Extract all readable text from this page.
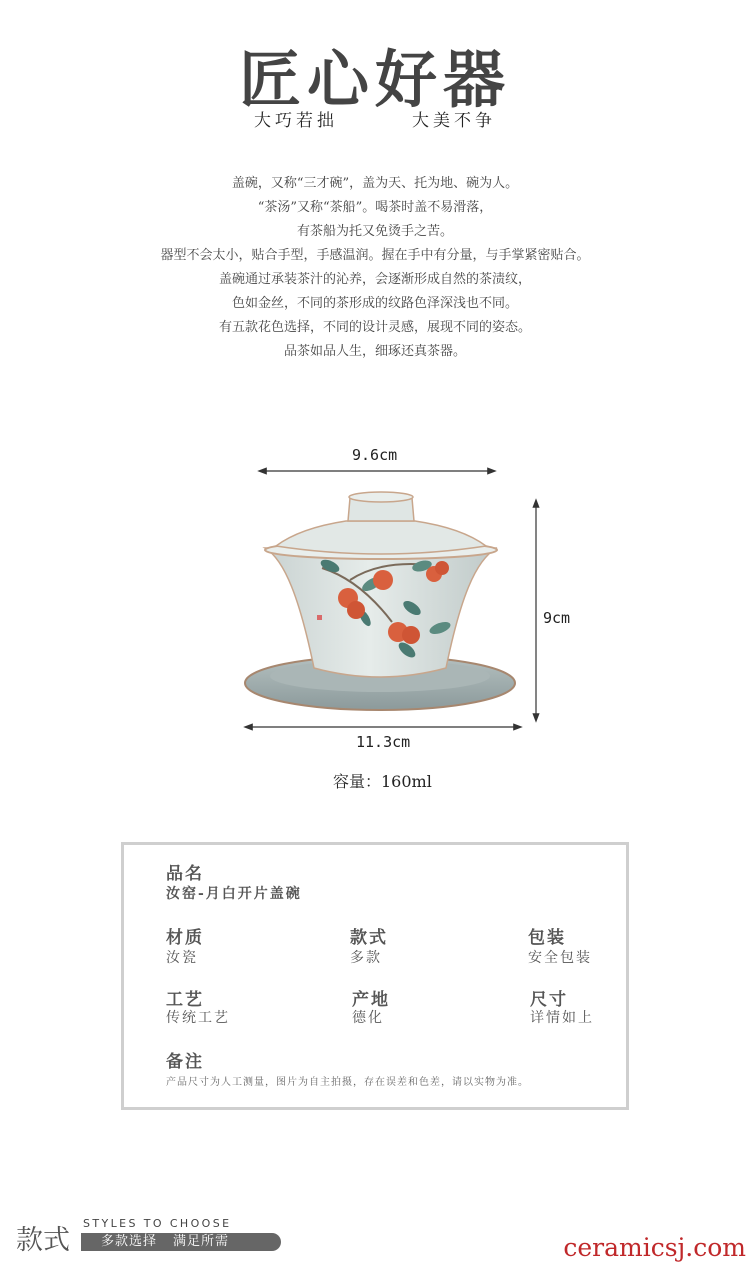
匠心好器
大巧若拙	大美不争
盖碗，又称“三才碗”，盖为天、托为地、碗为人。
“茶汤”又称“茶船”。喝茶时盖不易滑落，
有茶船为托又免烫手之苦。
器型不会太小，贴合手型，手感温润。握在手中有分量，与手掌紧密贴合。
盖碗通过承装茶汁的沁养，会逐渐形成自然的茶渍纹，
色如金丝，不同的茶形成的纹路色泽深浅也不同。
有五款花色选择，不同的设计灵感，展现不同的姿态。
品茶如品人生，细琢还真茶器。
9.6cm
9cm
11.3cm
容量：160ml
品名
汝窑-月白开片盖碗
材质
汝瓷
款式
多款
包装
安全包装
工艺
传统工艺
产地
德化
尺寸
详情如上
备注
产品尺寸为人工测量，图片为自主拍摄，存在误差和色差，请以实物为准。
款式
STYLES TO CHOOSE
多款选择 满足所需	ceramicsj.com
